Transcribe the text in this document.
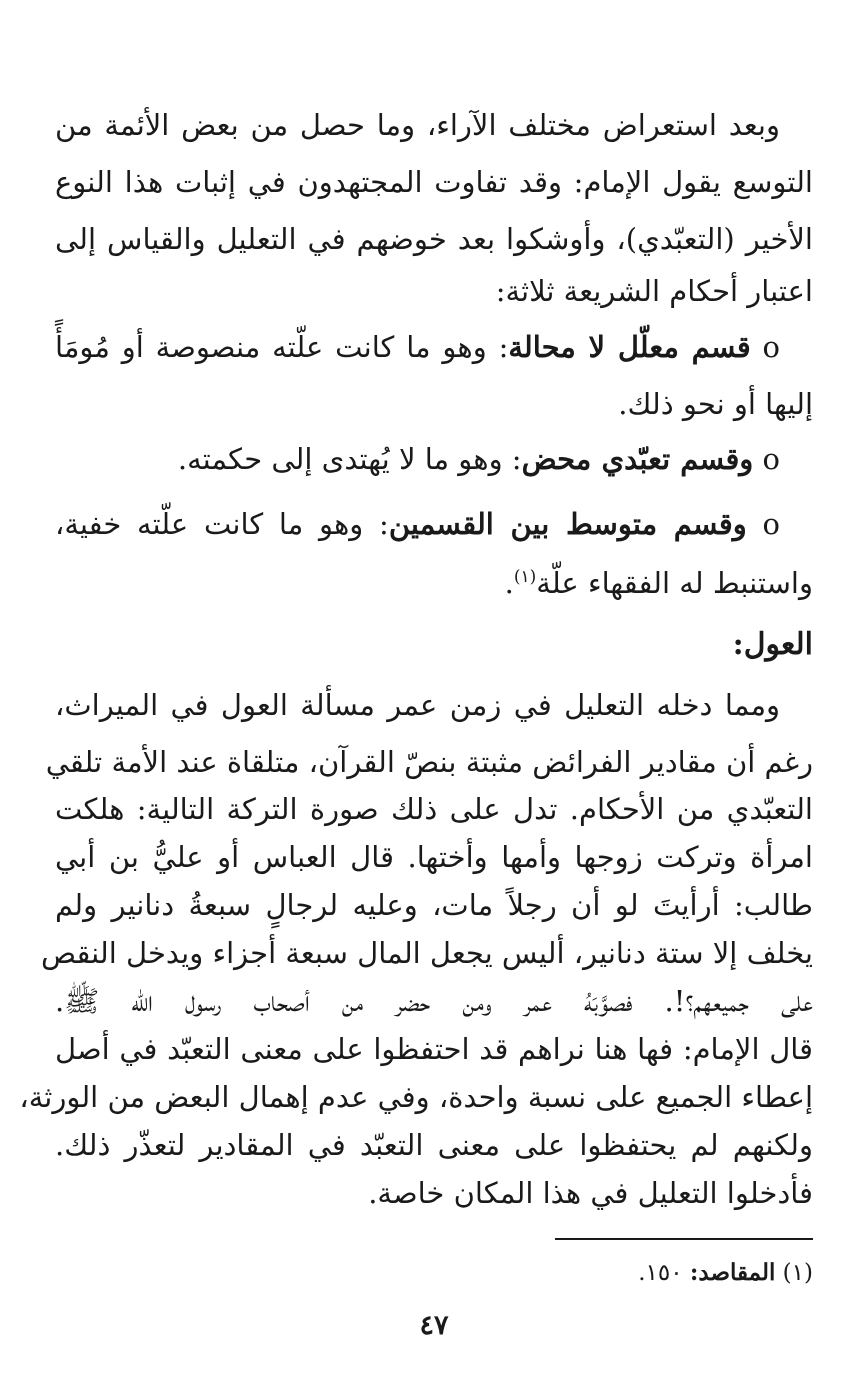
وبعد استعراض مختلف الآراء، وما حصل من بعض الأئمة من
التوسع يقول الإمام: وقد تفاوت المجتهدون في إثبات هذا النوع
الأخير (التعبّدي)، وأوشكوا بعد خوضهم في التعليل والقياس إلى
اعتبار أحكام الشريعة ثلاثة:
o قسم معلّل لا محالة: وهو ما كانت علّته منصوصة أو مُومَأً
إليها أو نحو ذلك.
o وقسم تعبّدي محض: وهو ما لا يُهتدى إلى حكمته.
o وقسم متوسط بين القسمين: وهو ما كانت علّته خفية،
واستنبط له الفقهاء علّة$^{(١)}$.
العول:
ومما دخله التعليل في زمن عمر مسألة العول في الميراث،
رغم أن مقادير الفرائض مثبتة بنصّ القرآن، متلقاة عند الأمة تلقي
التعبّدي من الأحكام. تدل على ذلك صورة التركة التالية: هلكت
امرأة وتركت زوجها وأمها وأختها. قال العباس أو عليُّ بن أبي
طالب: أرأيتَ لو أن رجلاً مات، وعليه لرجالٍ سبعةُ دنانير ولم
يخلف إلا ستة دنانير، أليس يجعل المال سبعة أجزاء ويدخل النقص
على جميعهم؟!. فصوَّبَهُ عمر ومن حضر من أصحاب رسول الله ﷺ.
قال الإمام: فها هنا نراهم قد احتفظوا على معنى التعبّد في أصل
إعطاء الجميع على نسبة واحدة، وفي عدم إهمال البعض من الورثة،
ولكنهم لم يحتفظوا على معنى التعبّد في المقادير لتعذّر ذلك.
فأدخلوا التعليل في هذا المكان خاصة.
(١) المقاصد: ١٥٠.
٤٧
